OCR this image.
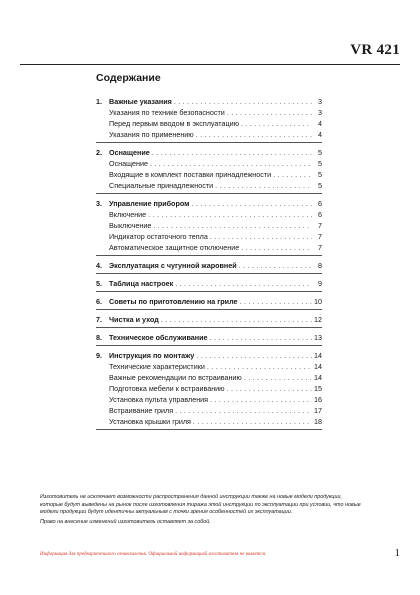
VR 421
Содержание
1. Важные указания . . .	3
Указания по технике безопасности . . .	3
Перед первым вводом в эксплуатацию . . .	4
Указания по применению . . .	4
2. Оснащение . . .	5
Оснащение . . .	5
Входящие в комплект поставки принадлежности . . .	5
Специальные принадлежности . . .	5
3. Управление прибором . . .	6
Включение . . .	6
Выключение . . .	7
Индикатор остаточного тепла . . .	7
Автоматическое защитное отключение . . .	7
4. Эксплуатация с чугунной жаровней . . .	8
5. Таблица настроек . . .	9
6. Советы по приготовлению на гриле . . .	10
7. Чистка и уход . . .	12
8. Техническое обслуживание . . .	13
9. Инструкция по монтажу . . .	14
Технические характеристики . . .	14
Важные рекомендации по встраиванию . . .	14
Подготовка мебели к встраиванию . . .	15
Установка пульта управления . . .	16
Встраивание гриля . . .	17
Установка крышки гриля . . .	18

Изготовитель не исключает возможности распространения данной инструкции также на новые модели продукции, которые будут выведены на рынок после изготовления тиража этой инструкции по эксплуатации при условии, что новые модели продукции будут идентичны актуальным с точки зрения особенностей их эксплуатации.

Право на внесение изменений изготовитель оставляет за собой.

Информация для предварительного ознакомления. Официальной информацией изготовителя не является.	1
